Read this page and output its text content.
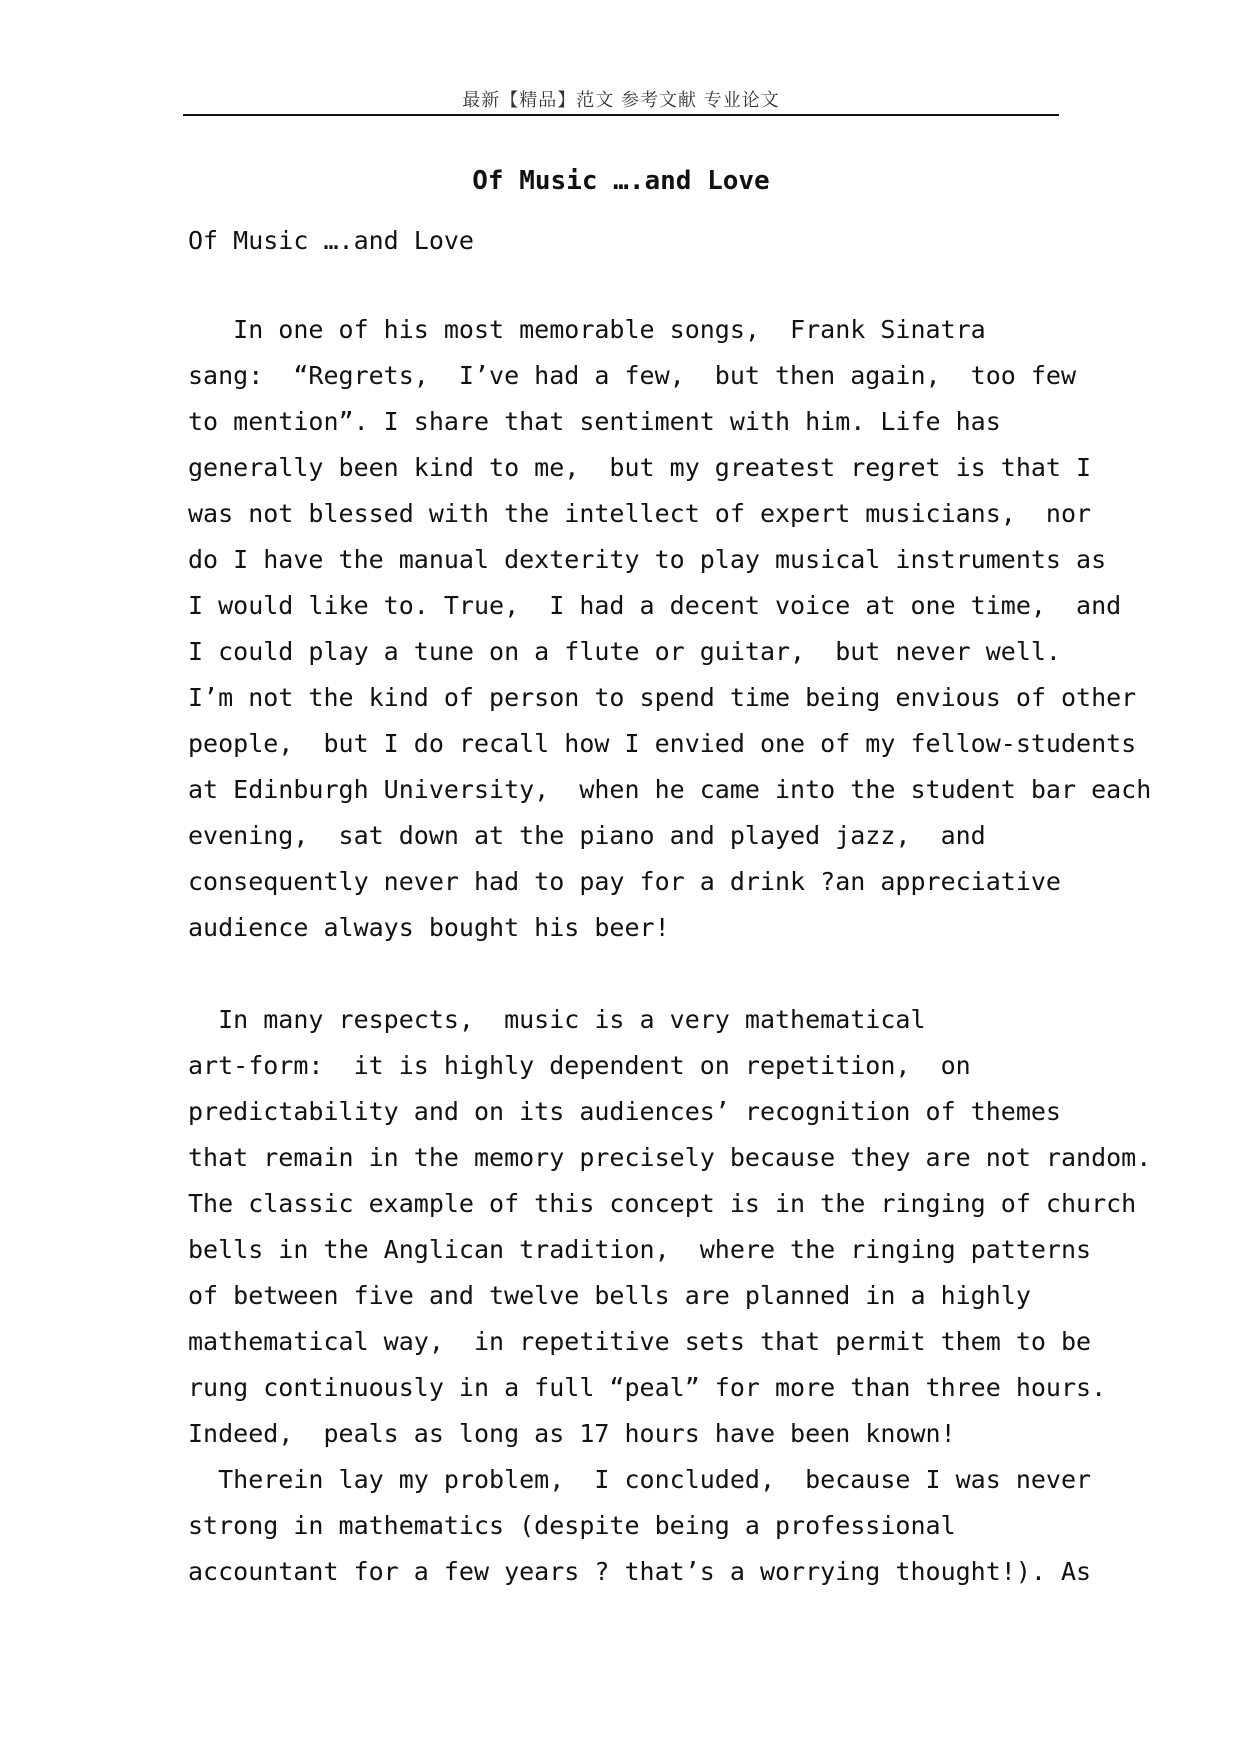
最新【精品】范文 参考文献 专业论文
Of Music ….and Love
Of Music ….and Love
In one of his most memorable songs,  Frank Sinatra
sang:  “Regrets,  I’ve had a few,  but then again,  too few
to mention”. I share that sentiment with him. Life has
generally been kind to me,  but my greatest regret is that I
was not blessed with the intellect of expert musicians,  nor
do I have the manual dexterity to play musical instruments as
I would like to. True,  I had a decent voice at one time,  and
I could play a tune on a flute or guitar,  but never well.
I’m not the kind of person to spend time being envious of other
people,  but I do recall how I envied one of my fellow-students
at Edinburgh University,  when he came into the student bar each
evening,  sat down at the piano and played jazz,  and
consequently never had to pay for a drink ?an appreciative
audience always bought his beer!
In many respects,  music is a very mathematical
art-form:  it is highly dependent on repetition,  on
predictability and on its audiences’ recognition of themes
that remain in the memory precisely because they are not random.
The classic example of this concept is in the ringing of church
bells in the Anglican tradition,  where the ringing patterns
of between five and twelve bells are planned in a highly
mathematical way,  in repetitive sets that permit them to be
rung continuously in a full “peal” for more than three hours.
Indeed,  peals as long as 17 hours have been known!
Therein lay my problem,  I concluded,  because I was never
strong in mathematics (despite being a professional
accountant for a few years ? that’s a worrying thought!). As
